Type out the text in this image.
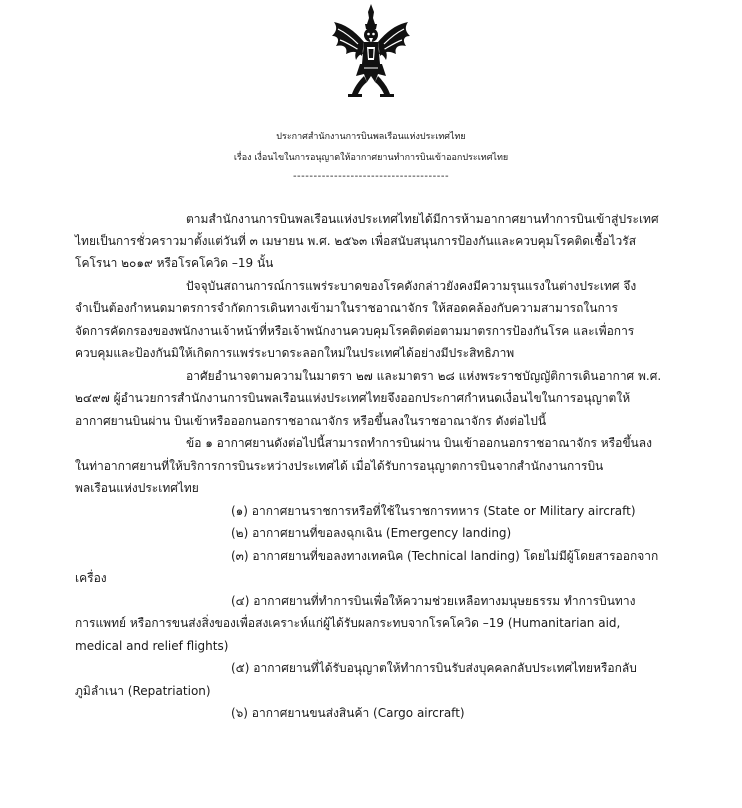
ประกาศสำนักงานการบินพลเรือนแห่งประเทศไทย
เรื่อง เงื่อนไขในการอนุญาตให้อากาศยานทำการบินเข้าออกประเทศไทย
--------------------------------------
ตามสำนักงานการบินพลเรือนแห่งประเทศไทยได้มีการห้ามอากาศยานทำการบินเข้าสู่ประเทศ
ไทยเป็นการชั่วคราวมาตั้งแต่วันที่ ๓ เมษายน พ.ศ. ๒๕๖๓ เพื่อสนับสนุนการป้องกันและควบคุมโรคติดเชื้อไวรัส
โคโรนา ๒๐๑๙ หรือโรคโควิด –19 นั้น
ปัจจุบันสถานการณ์การแพร่ระบาดของโรคดังกล่าวยังคงมีความรุนแรงในต่างประเทศ จึง
จำเป็นต้องกำหนดมาตรการจำกัดการเดินทางเข้ามาในราชอาณาจักร ให้สอดคล้องกับความสามารถในการ
จัดการคัดกรองของพนักงานเจ้าหน้าที่หรือเจ้าพนักงานควบคุมโรคติดต่อตามมาตรการป้องกันโรค และเพื่อการ
ควบคุมและป้องกันมิให้เกิดการแพร่ระบาดระลอกใหม่ในประเทศได้อย่างมีประสิทธิภาพ
อาศัยอำนาจตามความในมาตรา ๒๗ และมาตรา ๒๘ แห่งพระราชบัญญัติการเดินอากาศ พ.ศ.
๒๔๙๗ ผู้อำนวยการสำนักงานการบินพลเรือนแห่งประเทศไทยจึงออกประกาศกำหนดเงื่อนไขในการอนุญาตให้
อากาศยานบินผ่าน บินเข้าหรือออกนอกราชอาณาจักร หรือขึ้นลงในราชอาณาจักร ดังต่อไปนี้
ข้อ ๑ อากาศยานดังต่อไปนี้สามารถทำการบินผ่าน บินเข้าออกนอกราชอาณาจักร หรือขึ้นลง
ในท่าอากาศยานที่ให้บริการการบินระหว่างประเทศได้ เมื่อได้รับการอนุญาตการบินจากสำนักงานการบิน
พลเรือนแห่งประเทศไทย
(๑) อากาศยานราชการหรือที่ใช้ในราชการทหาร (State or Military aircraft)
(๒) อากาศยานที่ขอลงฉุกเฉิน (Emergency landing)
(๓) อากาศยานที่ขอลงทางเทคนิค (Technical landing) โดยไม่มีผู้โดยสารออกจาก
เครื่อง
(๔) อากาศยานที่ทำการบินเพื่อให้ความช่วยเหลือทางมนุษยธรรม ทำการบินทาง
การแพทย์ หรือการขนส่งสิ่งของเพื่อสงเคราะห์แก่ผู้ได้รับผลกระทบจากโรคโควิด –19 (Humanitarian aid,
medical and relief flights)
(๕) อากาศยานที่ได้รับอนุญาตให้ทำการบินรับส่งบุคคลกลับประเทศไทยหรือกลับ
ภูมิลำเนา (Repatriation)
(๖) อากาศยานขนส่งสินค้า (Cargo aircraft)
